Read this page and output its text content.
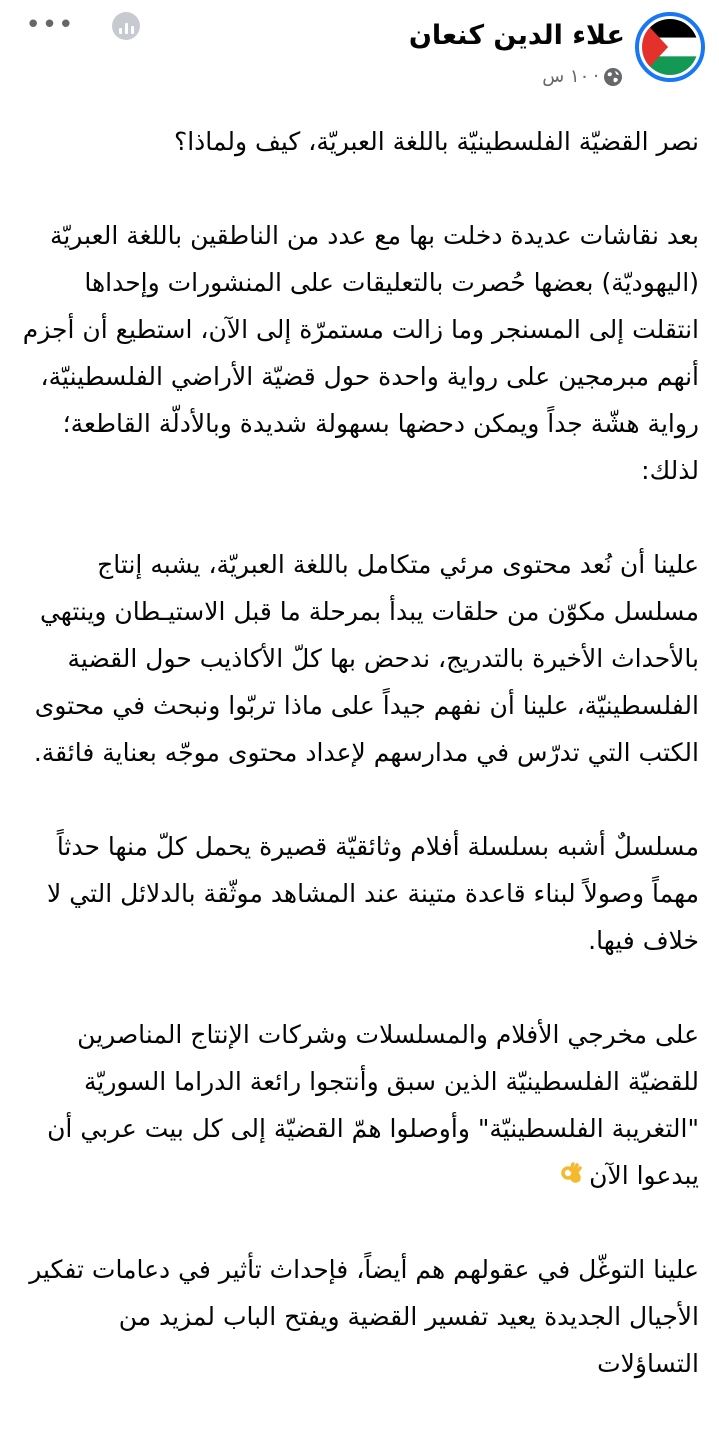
•••	علاء الدين كنعان
١٠ س ·

نصر القضيّة الفلسطينيّة باللغة العبريّة، كيف ولماذا؟

بعد نقاشات عديدة دخلت بها مع عدد من الناطقين باللغة العبريّة (اليهوديّة) بعضها حُصرت بالتعليقات على المنشورات وإحداها انتقلت إلى المسنجر وما زالت مستمرّة إلى الآن، استطيع أن أجزم أنهم مبرمجين على رواية واحدة حول قضيّة الأراضي الفلسطينيّة، رواية هشّة جداً ويمكن دحضها بسهولة شديدة وبالأدلّة القاطعة؛ لذلك:

علينا أن نُعد محتوى مرئي متكامل باللغة العبريّة، يشبه إنتاج مسلسل مكوّن من حلقات يبدأ بمرحلة ما قبل الاستيـطان وينتهي بالأحداث الأخيرة بالتدريج، ندحض بها كلّ الأكاذيب حول القضية الفلسطينيّة، علينا أن نفهم جيداً على ماذا تربّوا ونبحث في محتوى الكتب التي تدرّس في مدارسهم لإعداد محتوى موجّه بعناية فائقة.

مسلسلٌ أشبه بسلسلة أفلام وثائقيّة قصيرة يحمل كلّ منها حدثاً مهماً وصولاً لبناء قاعدة متينة عند المشاهد موثّقة بالدلائل التي لا خلاف فيها.

على مخرجي الأفلام والمسلسلات وشركات الإنتاج المناصرين للقضيّة الفلسطينيّة الذين سبق وأنتجوا رائعة الدراما السوريّة "التغريبة الفلسطينيّة" وأوصلوا همّ القضيّة إلى كل بيت عربي أن يبدعوا الآن

علينا التوغّل في عقولهم هم أيضاً، فإحداث تأثير في دعامات تفكير الأجيال الجديدة يعيد تفسير القضية ويفتح الباب لمزيد من التساؤلات
